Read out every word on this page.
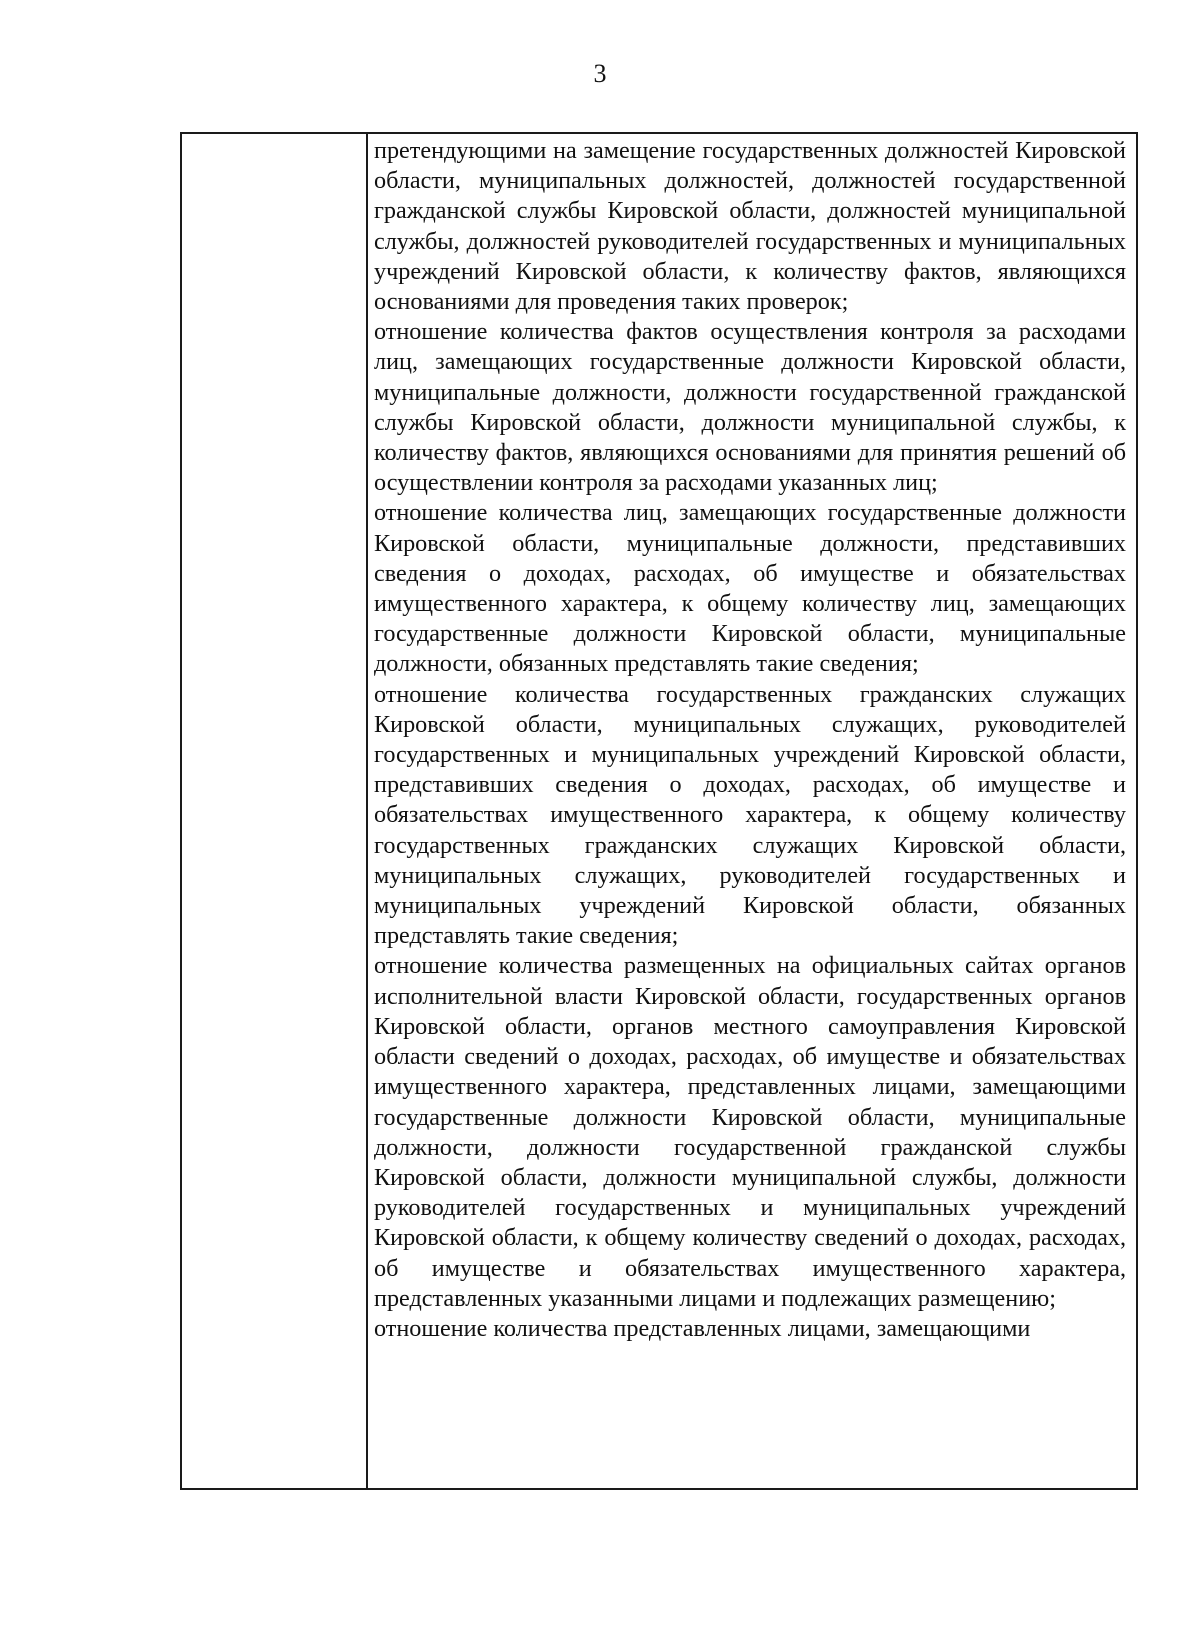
3

претендующими на замещение государственных должностей Кировской области, муниципальных должностей, должностей государственной гражданской службы Кировской области, должностей муниципальной службы, должностей руководителей государственных и муниципальных учреждений Кировской области, к количеству фактов, являющихся основаниями для проведения таких проверок;

отношение количества фактов осуществления контроля за расходами лиц, замещающих государственные должности Кировской области, муниципальные должности, должности государственной гражданской службы Кировской области, должности муниципальной службы, к количеству фактов, являющихся основаниями для принятия решений об осуществлении контроля за расходами указанных лиц;

отношение количества лиц, замещающих государственные должности Кировской области, муниципальные должности, представивших сведения о доходах, расходах, об имуществе и обязательствах имущественного характера, к общему количеству лиц, замещающих государственные должности Кировской области, муниципальные должности, обязанных представлять такие сведения;

отношение количества государственных гражданских служащих Кировской области, муниципальных служащих, руководителей государственных и муниципальных учреждений Кировской области, представивших сведения о доходах, расходах, об имуществе и обязательствах имущественного характера, к общему количеству государственных гражданских служащих Кировской области, муниципальных служащих, руководителей государственных и муниципальных учреждений Кировской области, обязанных представлять такие сведения;

отношение количества размещенных на официальных сайтах органов исполнительной власти Кировской области, государственных органов Кировской области, органов местного самоуправления Кировской области сведений о доходах, расходах, об имуществе и обязательствах имущественного характера, представленных лицами, замещающими государственные должности Кировской области, муниципальные должности, должности государственной гражданской службы Кировской области, должности муниципальной службы, должности руководителей государственных и муниципальных учреждений Кировской области, к общему количеству сведений о доходах, расходах, об имуществе и обязательствах имущественного характера, представленных указанными лицами и подлежащих размещению;

отношение количества представленных лицами, замещающими
